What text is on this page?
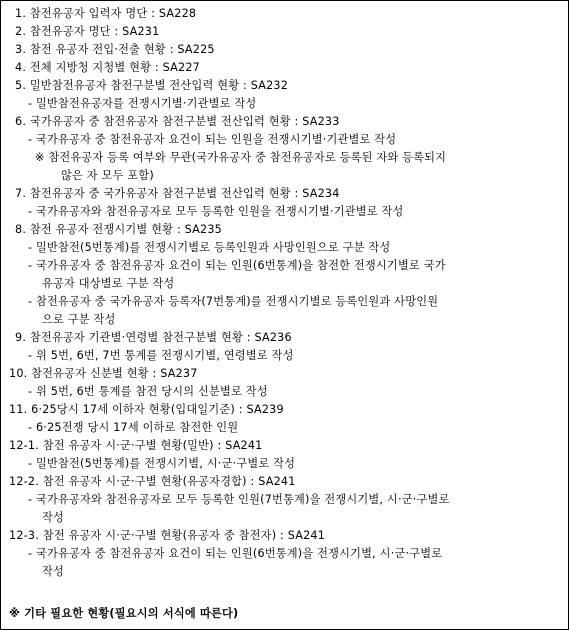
1. 참전유공자 입력자 명단 : SA228
2. 참전유공자 명단 : SA231
3. 참전 유공자 전입·전출 현황 : SA225
4. 전체 지방청 지청별 현황 : SA227
5. 밀반참전유공자 참전구분별 전산입력 현황 : SA232
- 밀반참전유공자를 전쟁시기별·기관별로 작성
6. 국가유공자 중 참전유공자 참전구분별 전산입력 현황 : SA233
- 국가유공자 중 참전유공자 요건이 되는 인원을 전쟁시기별·기관별로 작성
※ 참전유공자 등록 여부와 무관(국가유공자 중 참전유공자로 등록된 자와 등록되지
않은 자 모두 포함)
7. 참전유공자 중 국가유공자 참전구분별 전산입력 현황 : SA234
- 국가유공자와 참전유공자로 모두 등록한 인원을 전쟁시기별·기관별로 작성
8. 참전 유공자 전쟁시기별 현황 : SA235
- 밀반참전(5번통계)를 전쟁시기별로 등록인원과 사망인원으로 구분 작성
- 국가유공자 중 참전유공자 요건이 되는 인원(6번통계)을 참전한 전쟁시기별로 국가
유공자 대상별로 구분 작성
- 참전유공자 중 국가유공자 등록자(7번통계)를 전쟁시기별로 등록인원과 사망인원
으로 구분 작성
9. 참전유공자 기관별·연령별 참전구분별 현황 : SA236
- 위 5번, 6번, 7번 통계를 전쟁시기별, 연령별로 작성
10. 참전유공자 신분별 현황 : SA237
- 위 5번, 6번 통계를 참전 당시의 신분별로 작성
11. 6·25당시 17세 이하자 현황(입대일기준) : SA239
- 6·25전쟁 당시 17세 이하로 참전한 인원
12-1. 참전 유공자 시·군·구별 현황(밀반) : SA241
- 밀반참전(5번통계)를 전쟁시기별, 시·군·구별로 작성
12-2. 참전 유공자 시·군·구별 현황(유공자경합) : SA241
- 국가유공자와 참전유공자로 모두 등록한 인원(7번통계)을 전쟁시기별, 시·군·구별로
작성
12-3. 참전 유공자 시·군·구별 현황(유공자 중 참전자) : SA241
- 국가유공자 중 참전유공자 요건이 되는 인원(6번통계)을 전쟁시기별, 시·군·구별로
작성
※ 기타 필요한 현황(필요시의 서식에 따른다)
